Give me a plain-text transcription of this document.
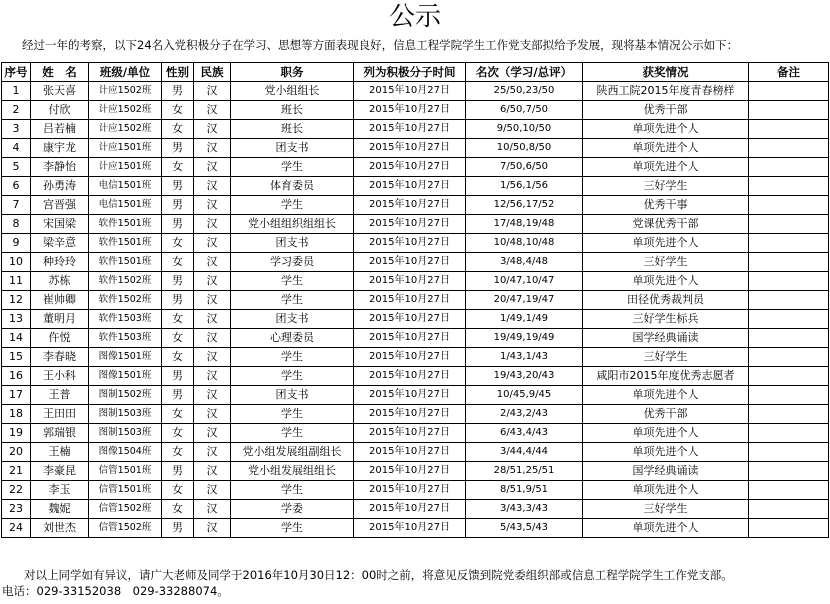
公示
经过一年的考察，以下24名入党积极分子在学习、思想等方面表现良好，信息工程学院学生工作党支部拟给予发展，现将基本情况公示如下：
序号	姓　名	班级/单位	性别	民族	职务	列为积极分子时间	名次（学习/总评）	获奖情况	备注
1	张天喜	计应1502班	男	汉	党小组组长	2015年10月27日	25/50,23/50	陕西工院2015年度青春榜样	
2	付欣	计应1502班	女	汉	班长	2015年10月27日	6/50,7/50	优秀干部	
3	吕若楠	计应1502班	女	汉	班长	2015年10月27日	9/50,10/50	单项先进个人	
4	康宇龙	计应1501班	男	汉	团支书	2015年10月27日	10/50,8/50	单项先进个人	
5	李静怡	计应1501班	女	汉	学生	2015年10月27日	7/50,6/50	单项先进个人	
6	孙勇涛	电信1501班	男	汉	体育委员	2015年10月27日	1/56,1/56	三好学生	
7	宫晋强	电信1501班	男	汉	学生	2015年10月27日	12/56,17/52	优秀干事	
8	宋国梁	软件1501班	男	汉	党小组组织组组长	2015年10月27日	17/48,19/48	党课优秀干部	
9	梁辛意	软件1501班	女	汉	团支书	2015年10月27日	10/48,10/48	单项先进个人	
10	种玲玲	软件1501班	女	汉	学习委员	2015年10月27日	3/48,4/48	三好学生	
11	苏栋	软件1502班	男	汉	学生	2015年10月27日	10/47,10/47	单项先进个人	
12	崔帅卿	软件1502班	男	汉	学生	2015年10月27日	20/47,19/47	田径优秀裁判员	
13	董明月	软件1503班	女	汉	团支书	2015年10月27日	1/49,1/49	三好学生标兵	
14	仵悦	软件1503班	女	汉	心理委员	2015年10月27日	19/49,19/49	国学经典诵读	
15	李春晓	图像1501班	女	汉	学生	2015年10月27日	1/43,1/43	三好学生	
16	王小科	图像1501班	男	汉	学生	2015年10月27日	19/43,20/43	咸阳市2015年度优秀志愿者	
17	王普	图制1502班	男	汉	团支书	2015年10月27日	10/45,9/45	单项先进个人	
18	王田田	图制1503班	女	汉	学生	2015年10月27日	2/43,2/43	优秀干部	
19	郭瑞银	图制1503班	女	汉	学生	2015年10月27日	6/43,4/43	单项先进个人	
20	王楠	图像1504班	女	汉	党小组发展组副组长	2015年10月27日	3/44,4/44	单项先进个人	
21	李豪昆	信管1501班	男	汉	党小组发展组组长	2015年10月27日	28/51,25/51	国学经典诵读	
22	李玉	信管1501班	女	汉	学生	2015年10月27日	8/51,9/51	单项先进个人	
23	魏妮	信管1502班	女	汉	学委	2015年10月27日	3/43,3/43	三好学生	
24	刘世杰	信管1502班	男	汉	学生	2015年10月27日	5/43,5/43	单项先进个人	
对以上同学如有异议，请广大老师及同学于2016年10月30日12：00时之前，将意见反馈到院党委组织部或信息工程学院学生工作党支部。
电话：029-33152038　029-33288074。
